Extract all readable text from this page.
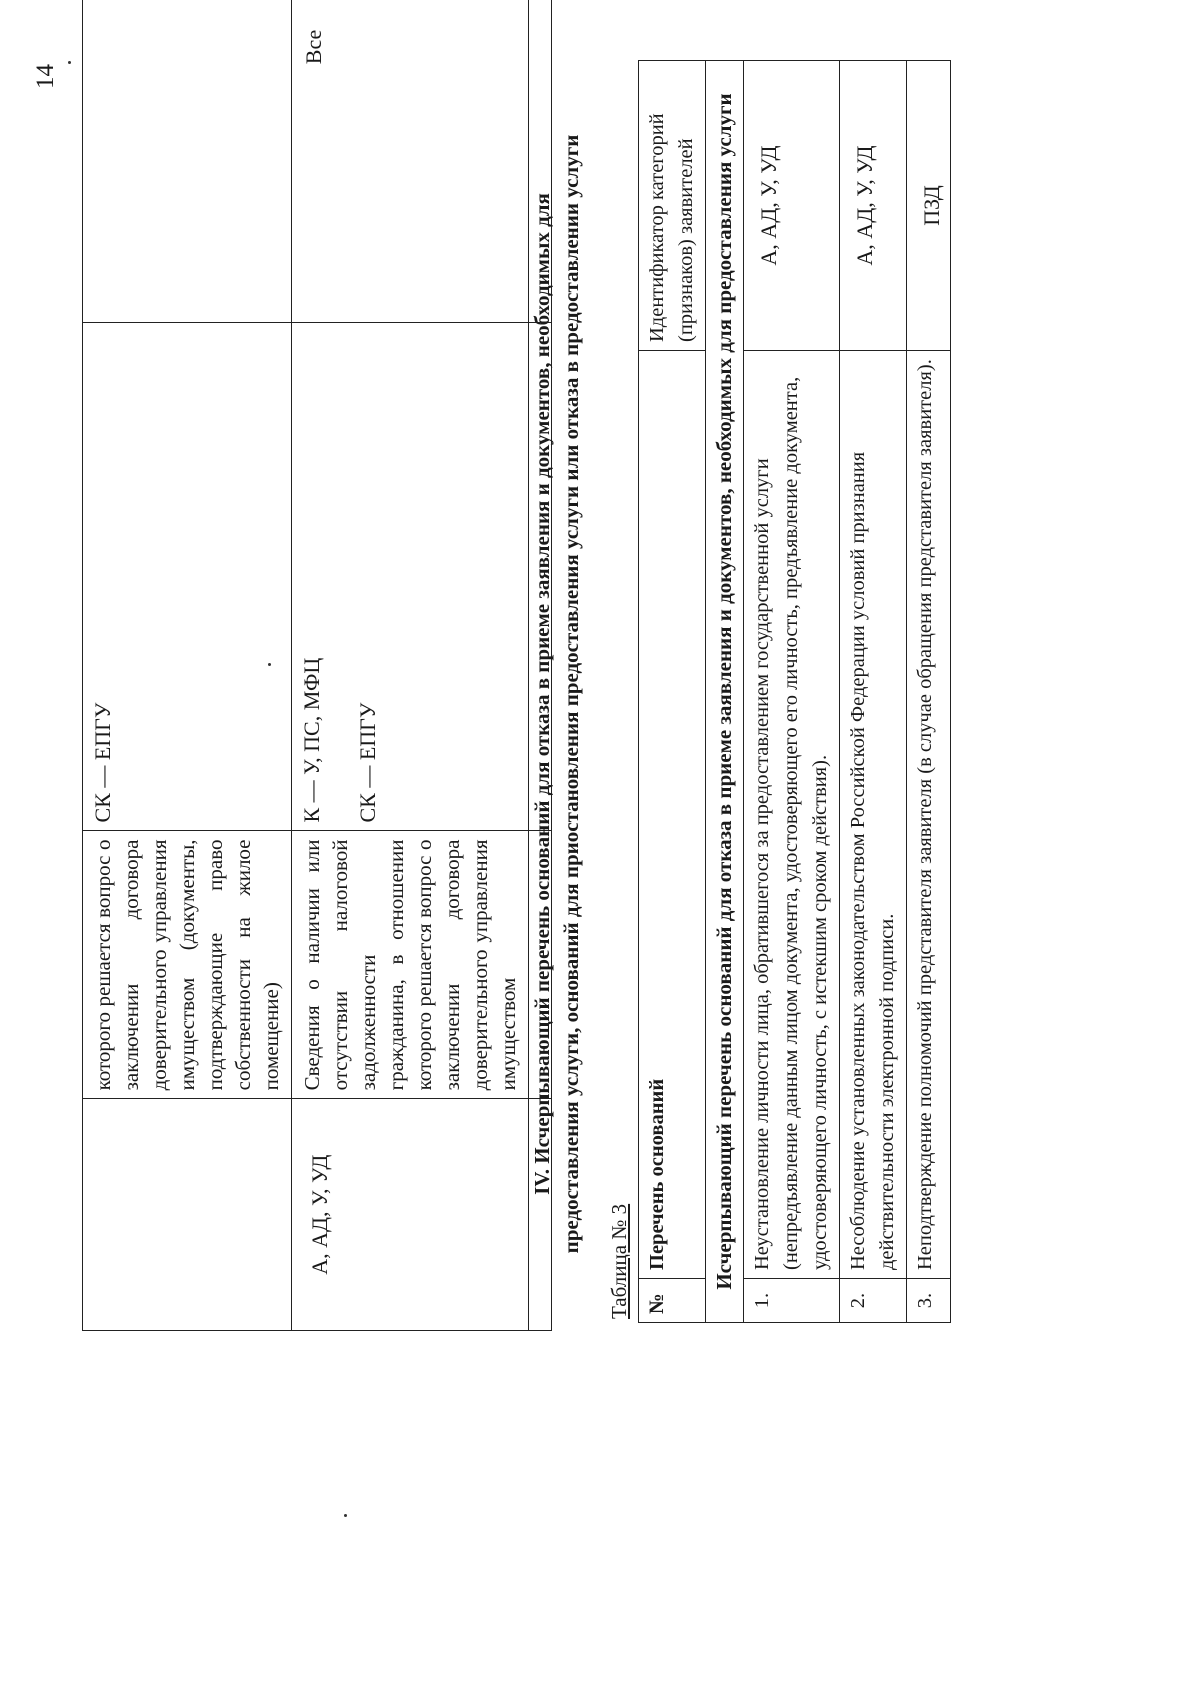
14
	которого решается вопрос о заключении договора доверительного управления имуществом (документы, подтверждающие право собственности на жилое помещение)	СК — ЕПГУ	

А, АД, У, УД	Сведения о наличии или отсутствии налоговой задолженности гражданина, в отношении которого решается вопрос о заключении договора доверительного управления имуществом	К — У, ПС, МФЦ СК — ЕПГУ	Все

IV. Исчерпывающий перечень оснований для отказа в приеме заявления и документов, необходимых для предоставления услуги, оснований для приостановления предоставления услуги или отказа в предоставлении услуги
Таблица № 3 №	Перечень оснований	Идентификатор категорий (признаков) заявителей
Исчерпывающий перечень оснований для отказа в приеме заявления и документов, необходимых для предоставления услуги		
1.	Неустановление личности лица, обратившегося за предоставлением государственной услуги (непредъявление данным лицом документа, удостоверяющего его личность, предъявление документа, удостоверяющего личность, с истекшим сроком действия).	А, АД, У, УД
2.	Несоблюдение установленных законодательством Российской Федерации условий признания действительности электронной подписи.	А, АД, У, УД
3.	Неподтверждение полномочий представителя заявителя (в случае обращения представителя заявителя).	ПЗД
